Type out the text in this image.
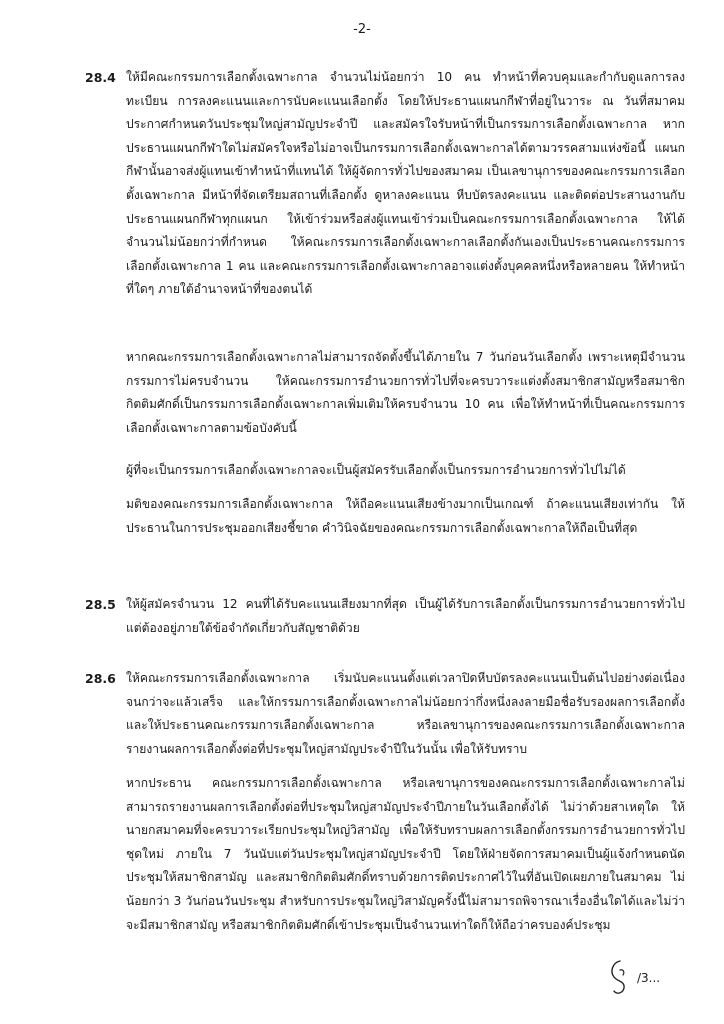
-2-
28.4 ให้มีคณะกรรมการเลือกตั้งเฉพาะกาล จำนวนไม่น้อยกว่า 10 คน ทำหน้าที่ควบคุมและกำกับดูแลการลงทะเบียน การลงคะแนนและการนับคะแนนเลือกตั้ง โดยให้ประธานแผนกกีฬาที่อยู่ในวาระ ณ วันที่สมาคมประกาศกำหนดวันประชุมใหญ่สามัญประจำปี และสมัครใจรับหน้าที่เป็นกรรมการเลือกตั้งเฉพาะกาล หากประธานแผนกกีฬาใดไม่สมัครใจหรือไม่อาจเป็นกรรมการเลือกตั้งเฉพาะกาลได้ตามวรรคสามแห่งข้อนี้ แผนกกีฬานั้นอาจส่งผู้แทนเข้าทำหน้าที่แทนได้ ให้ผู้จัดการทั่วไปของสมาคม เป็นเลขานุการของคณะกรรมการเลือกตั้งเฉพาะกาล มีหน้าที่จัดเตรียมสถานที่เลือกตั้ง ดูหาลงคะแนน หีบบัตรลงคะแนน และติดต่อประสานงานกับประธานแผนกกีฬาทุกแผนก ให้เข้าร่วมหรือส่งผู้แทนเข้าร่วมเป็นคณะกรรมการเลือกตั้งเฉพาะกาล ให้ได้จำนวนไม่น้อยกว่าที่กำหนด ให้คณะกรรมการเลือกตั้งเฉพาะกาลเลือกตั้งกันเองเป็นประธานคณะกรรมการเลือกตั้งเฉพาะกาล 1 คน และคณะกรรมการเลือกตั้งเฉพาะกาลอาจแต่งตั้งบุคคลหนึ่งหรือหลายคน ให้ทำหน้าที่ใดๆ ภายใต้อำนาจหน้าที่ของตนได้
หากคณะกรรมการเลือกตั้งเฉพาะกาลไม่สามารถจัดตั้งขึ้นได้ภายใน 7 วันก่อนวันเลือกตั้ง เพราะเหตุมีจำนวนกรรมการไม่ครบจำนวน ให้คณะกรรมการอำนวยการทั่วไปที่จะครบวาระแต่งตั้งสมาชิกสามัญหรือสมาชิกกิตติมศักดิ์เป็นกรรมการเลือกตั้งเฉพาะกาลเพิ่มเติมให้ครบจำนวน 10 คน เพื่อให้ทำหน้าที่เป็นคณะกรรมการเลือกตั้งเฉพาะกาลตามข้อบังคับนี้
ผู้ที่จะเป็นกรรมการเลือกตั้งเฉพาะกาลจะเป็นผู้สมัครรับเลือกตั้งเป็นกรรมการอำนวยการทั่วไปไม่ได้
มติของคณะกรรมการเลือกตั้งเฉพาะกาล ให้ถือคะแนนเสียงข้างมากเป็นเกณฑ์ ถ้าคะแนนเสียงเท่ากัน ให้ประธานในการประชุมออกเสียงชี้ขาด คำวินิจฉัยของคณะกรรมการเลือกตั้งเฉพาะกาลให้ถือเป็นที่สุด
28.5 ให้ผู้สมัครจำนวน 12 คนที่ได้รับคะแนนเสียงมากที่สุด เป็นผู้ได้รับการเลือกตั้งเป็นกรรมการอำนวยการทั่วไป แต่ต้องอยู่ภายใต้ข้อจำกัดเกี่ยวกับสัญชาติด้วย
28.6 ให้คณะกรรมการเลือกตั้งเฉพาะกาล เริ่มนับคะแนนตั้งแต่เวลาปิดหีบบัตรลงคะแนนเป็นต้นไปอย่างต่อเนื่องจนกว่าจะแล้วเสร็จ และให้กรรมการเลือกตั้งเฉพาะกาลไม่น้อยกว่ากึ่งหนึ่งลงลายมือชื่อรับรองผลการเลือกตั้ง และให้ประธานคณะกรรมการเลือกตั้งเฉพาะกาล หรือเลขานุการของคณะกรรมการเลือกตั้งเฉพาะกาล รายงานผลการเลือกตั้งต่อที่ประชุมใหญ่สามัญประจำปีในวันนั้น เพื่อให้รับทราบ
หากประธาน คณะกรรมการเลือกตั้งเฉพาะกาล หรือเลขานุการของคณะกรรมการเลือกตั้งเฉพาะกาลไม่สามารถรายงานผลการเลือกตั้งต่อที่ประชุมใหญ่สามัญประจำปีภายในวันเลือกตั้งได้ ไม่ว่าด้วยสาเหตุใด ให้นายกสมาคมที่จะครบวาระเรียกประชุมใหญ่วิสามัญ เพื่อให้รับทราบผลการเลือกตั้งกรรมการอำนวยการทั่วไปชุดใหม่ ภายใน 7 วันนับแต่วันประชุมใหญ่สามัญประจำปี โดยให้ฝ่ายจัดการสมาคมเป็นผู้แจ้งกำหนดนัดประชุมให้สมาชิกสามัญ และสมาชิกกิตติมศักดิ์ทราบด้วยการติดประกาศไว้ในที่อันเปิดเผยภายในสมาคม ไม่น้อยกว่า 3 วันก่อนวันประชุม สำหรับการประชุมใหญ่วิสามัญครั้งนี้ไม่สามารถพิจารณาเรื่องอื่นใดได้และไม่ว่าจะมีสมาชิกสามัญ หรือสมาชิกกิตติมศักดิ์เข้าประชุมเป็นจำนวนเท่าใดก็ให้ถือว่าครบองค์ประชุม
/3...
